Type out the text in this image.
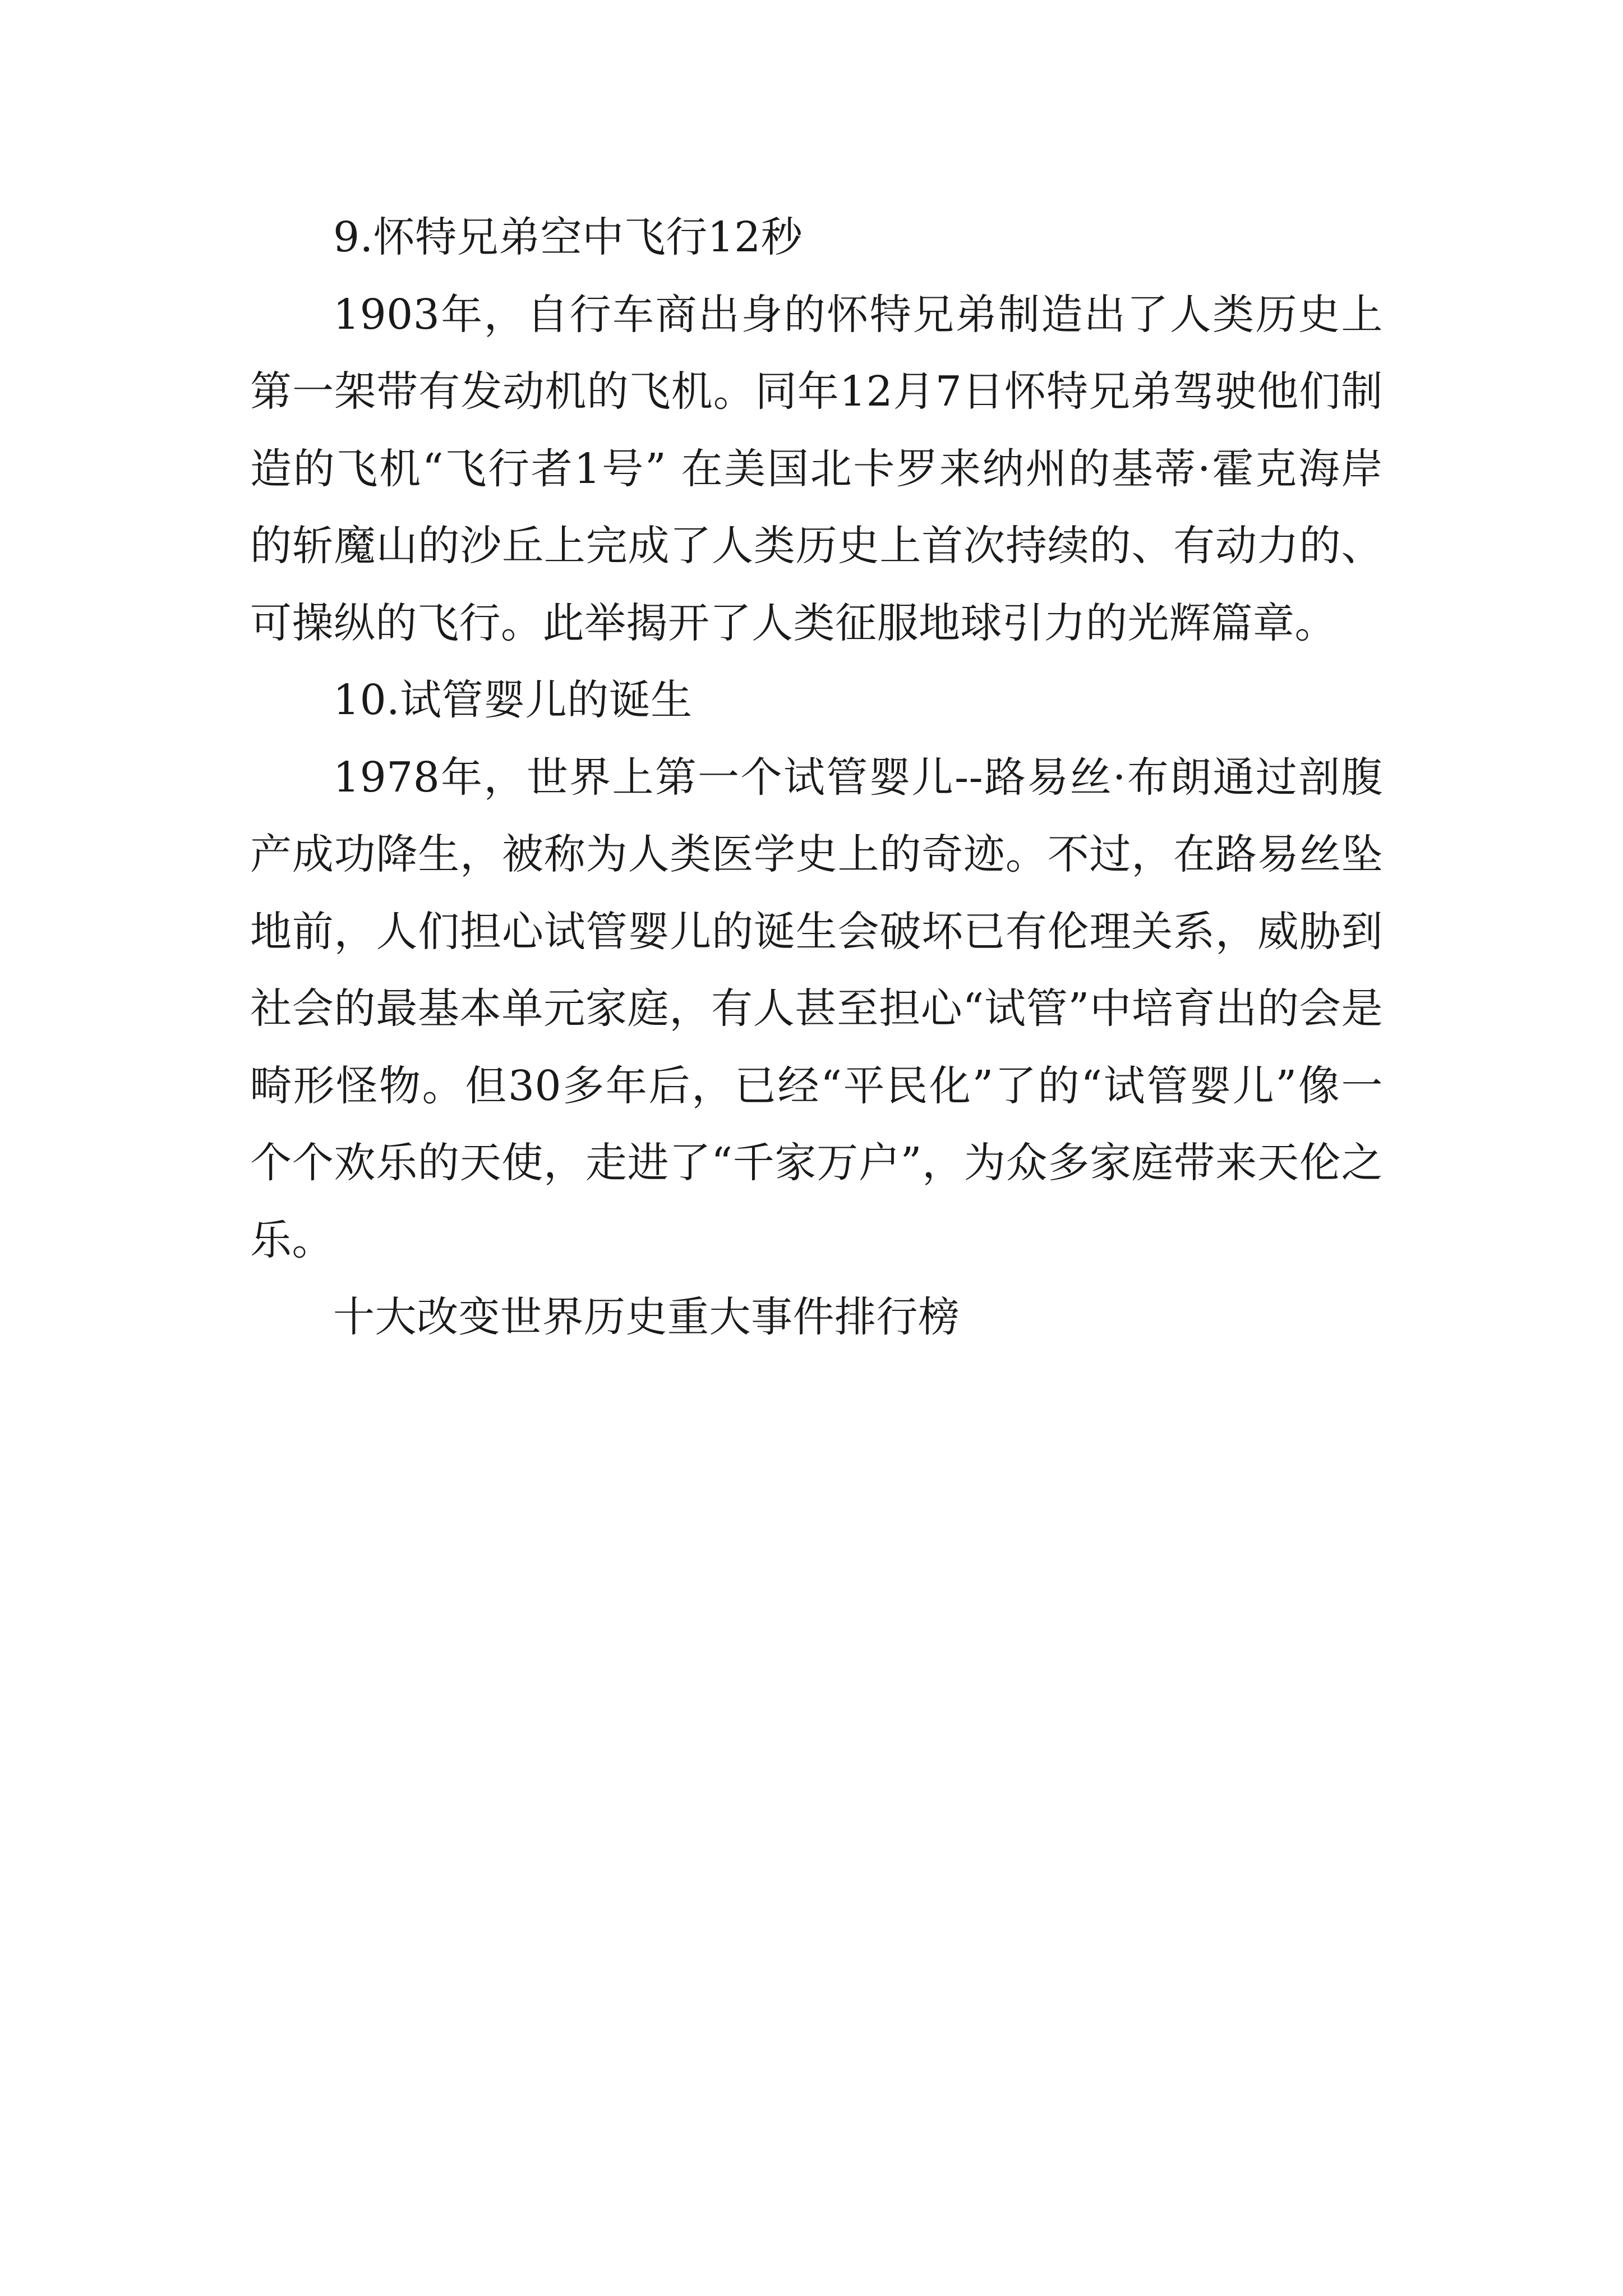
9.怀特兄弟空中飞行12秒

1903年，自行车商出身的怀特兄弟制造出了人类历史上第一架带有发动机的飞机。同年12月7日怀特兄弟驾驶他们制造的飞机“飞行者1号” 在美国北卡罗来纳州的基蒂·霍克海岸的斩魔山的沙丘上完成了人类历史上首次持续的、有动力的、可操纵的飞行。此举揭开了人类征服地球引力的光辉篇章。

10.试管婴儿的诞生

1978年，世界上第一个试管婴儿--路易丝·布朗通过剖腹产成功降生，被称为人类医学史上的奇迹。不过，在路易丝坠地前，人们担心试管婴儿的诞生会破坏已有伦理关系，威胁到社会的最基本单元家庭，有人甚至担心“试管”中培育出的会是畸形怪物。但30多年后，已经“平民化”了的“试管婴儿”像一个个欢乐的天使，走进了“千家万户”，为众多家庭带来天伦之乐。

十大改变世界历史重大事件排行榜
